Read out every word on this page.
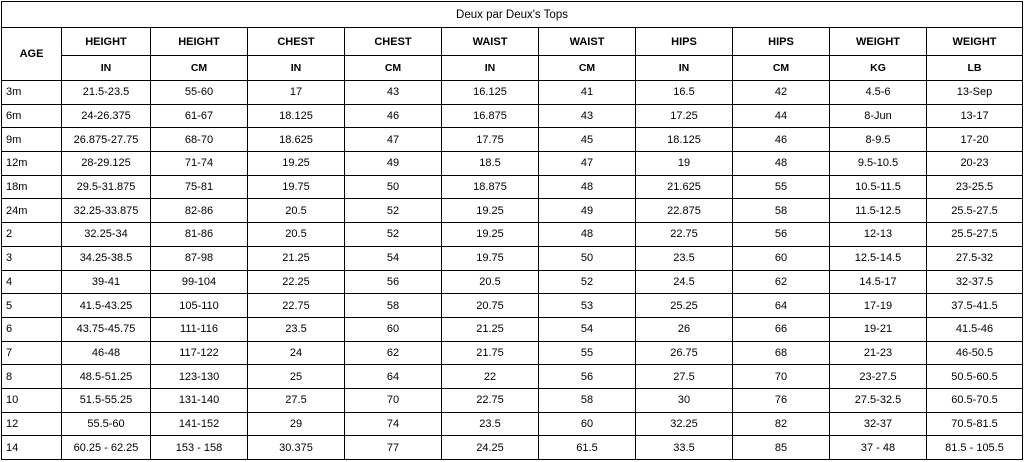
Deux par Deux's Tops										
AGE	HEIGHT	HEIGHT	CHEST	CHEST	WAIST	WAIST	HIPS	HIPS	WEIGHT	WEIGHT
	IN	CM	IN	CM	IN	CM	IN	CM	KG	LB
3m	21.5-23.5	55-60	17	43	16.125	41	16.5	42	4.5-6	13-Sep
6m	24-26.375	61-67	18.125	46	16.875	43	17.25	44	8-Jun	13-17
9m	26.875-27.75	68-70	18.625	47	17.75	45	18.125	46	8-9.5	17-20
12m	28-29.125	71-74	19.25	49	18.5	47	19	48	9.5-10.5	20-23
18m	29.5-31.875	75-81	19.75	50	18.875	48	21.625	55	10.5-11.5	23-25.5
24m	32.25-33.875	82-86	20.5	52	19.25	49	22.875	58	11.5-12.5	25.5-27.5
2	32.25-34	81-86	20.5	52	19.25	48	22.75	56	12-13	25.5-27.5
3	34.25-38.5	87-98	21.25	54	19.75	50	23.5	60	12.5-14.5	27.5-32
4	39-41	99-104	22.25	56	20.5	52	24.5	62	14.5-17	32-37.5
5	41.5-43.25	105-110	22.75	58	20.75	53	25.25	64	17-19	37.5-41.5
6	43.75-45.75	111-116	23.5	60	21.25	54	26	66	19-21	41.5-46
7	46-48	117-122	24	62	21.75	55	26.75	68	21-23	46-50.5
8	48.5-51.25	123-130	25	64	22	56	27.5	70	23-27.5	50.5-60.5
10	51.5-55.25	131-140	27.5	70	22.75	58	30	76	27.5-32.5	60.5-70.5
12	55.5-60	141-152	29	74	23.5	60	32.25	82	32-37	70.5-81.5
14	60.25 - 62.25	153 - 158	30.375	77	24.25	61.5	33.5	85	37 - 48	81.5 - 105.5
